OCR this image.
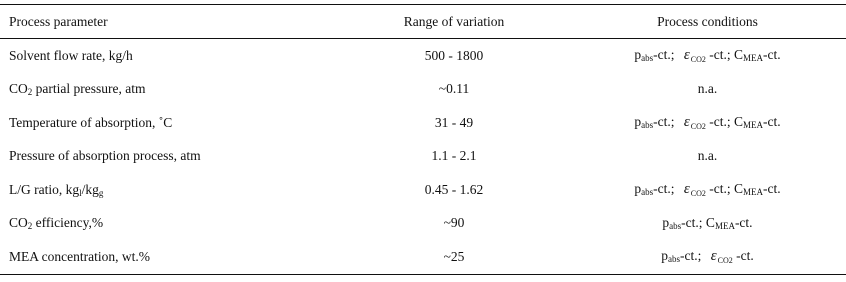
Process parameter	Range of variation	Process conditions
Solvent flow rate, kg/h	500 - 1800	$p_{abs}-ct$.; $\varepsilon_{CO2}$ -ct.; $C_{MEA}-ct$.
$CO_2$ partial pressure, atm	~0.11	n.a.
Temperature of absorption, ˚C	31 - 49	$p_{abs}-ct$.; $\varepsilon_{CO2}$ -ct.; $C_{MEA}-ct$.
Pressure of absorption process, atm	1.1 - 2.1	n.a.
L/G ratio, $kg_l/kg_g$	0.45 - 1.62	$p_{abs}-ct$.; $\varepsilon_{CO2}$ -ct.; $C_{MEA}-ct$.
$CO_2$ efficiency,%	~90	$p_{abs}-ct$.; $C_{MEA}-ct$.
MEA concentration, wt.%	~25	$p_{abs}-ct$.; $\varepsilon_{CO2}$ -ct.
